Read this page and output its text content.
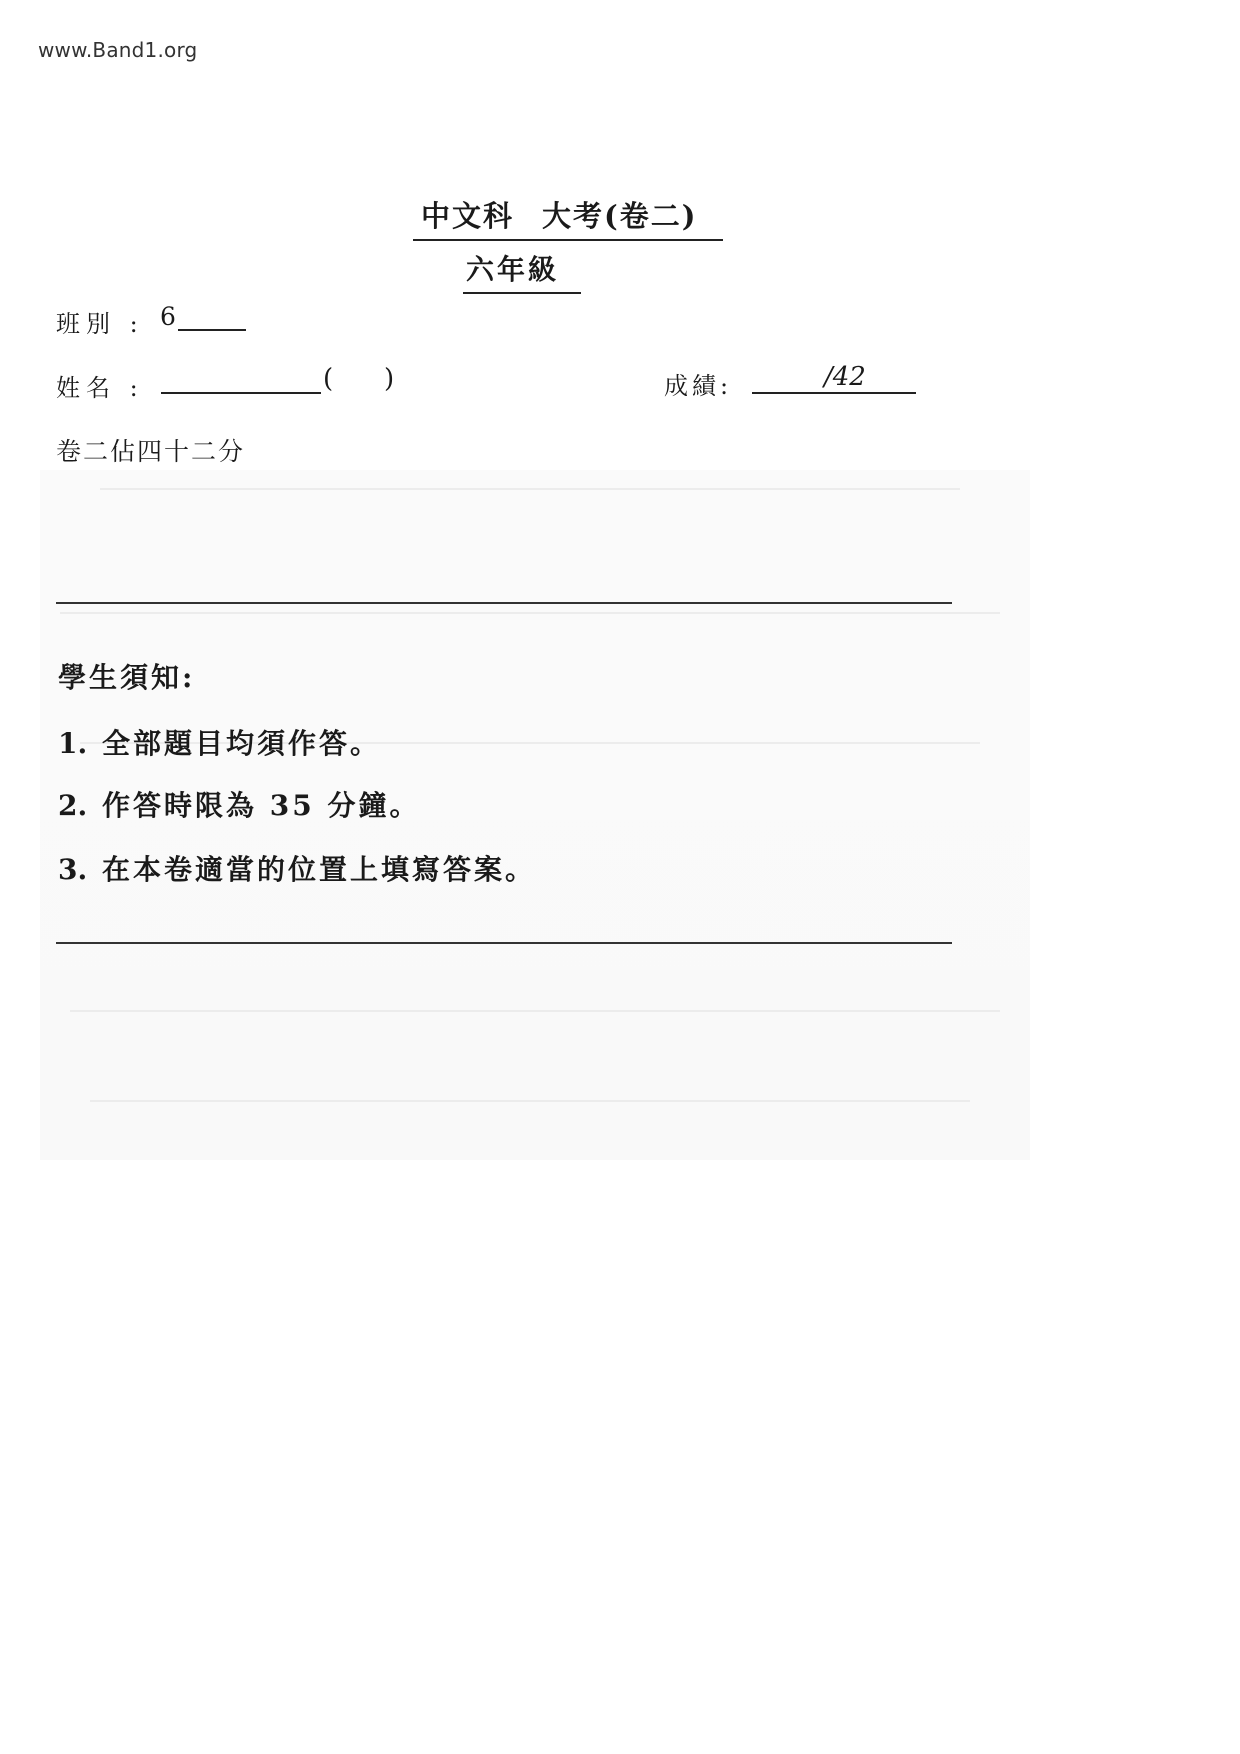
www.Band1.org
中文科 大考(卷二)
六年級
班別 : 6
姓名 :	( )	成績:	/42
卷二佔四十二分
學生須知:
1. 全部題目均須作答。
2. 作答時限為 35 分鐘。
3. 在本卷適當的位置上填寫答案。
